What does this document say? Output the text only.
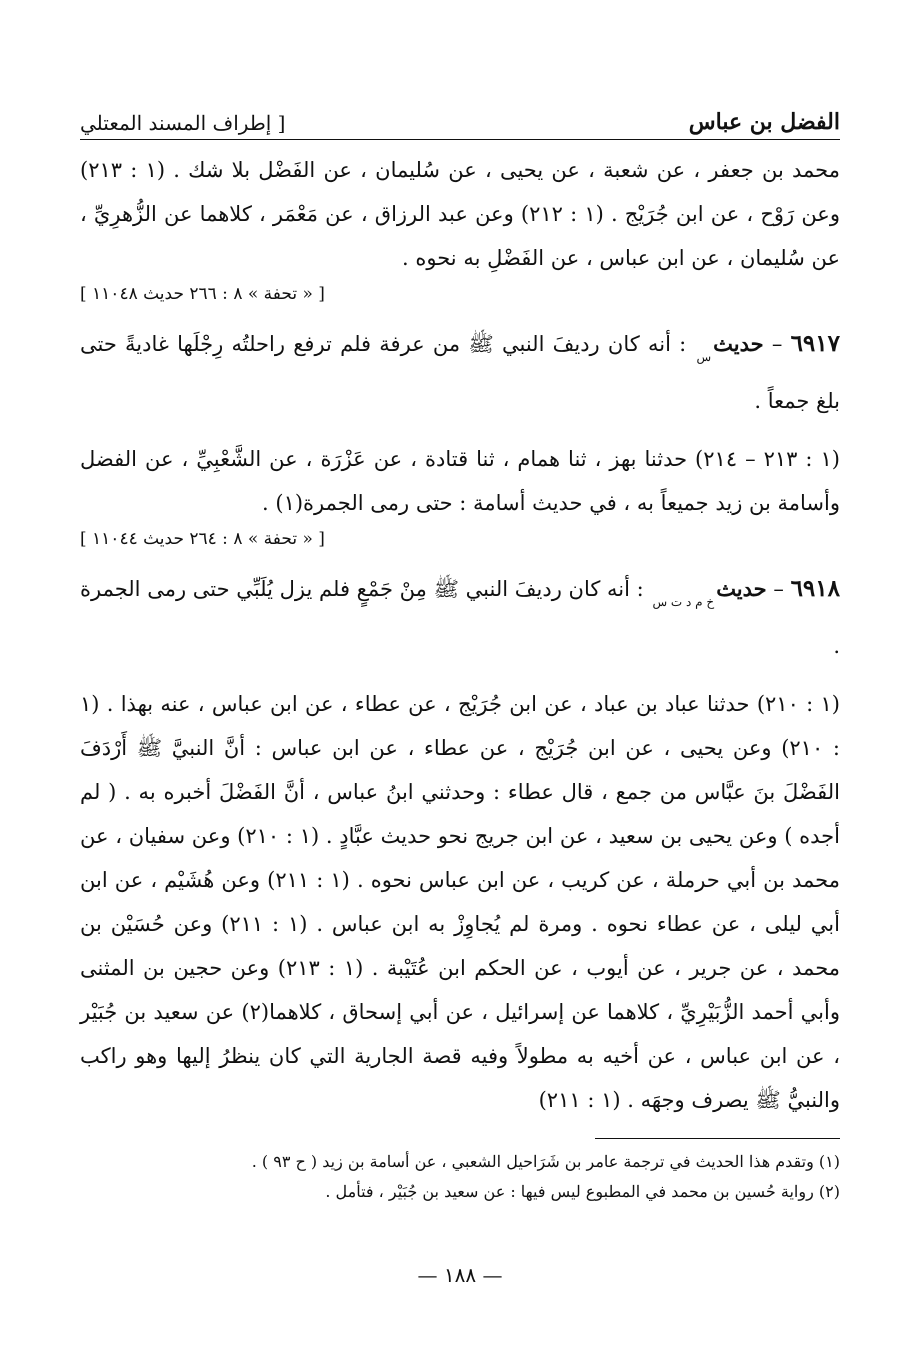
الفضل بن عباس
[ إطراف المسند المعتلي

محمد بن جعفر ، عن شعبة ، عن يحيى ، عن سُليمان ، عن الفَضْل بلا شك . (١ : ٢١٣) وعن رَوْح ، عن ابن جُرَيْج . (١ : ٢١٢) وعن عبد الرزاق ، عن مَعْمَر ، كلاهما عن الزُّهرِيِّ ، عن سُليمان ، عن ابن عباس ، عن الفَضْلِ به نحوه .

[ « تحفة » ٨ : ٢٦٦ حديث ١١٠٤٨ ]

٦٩١٧ – حديثس : أنه كان رديفَ النبي ﷺ من عرفة فلم ترفع راحلتُه رِجْلَها غاديةً حتى بلغ جمعاً .

(١ : ٢١٣ – ٢١٤) حدثنا بهز ، ثنا همام ، ثنا قتادة ، عن عَزْرَة ، عن الشَّعْبِيِّ ، عن الفضل وأسامة بن زيد جميعاً به ، في حديث أسامة : حتى رمى الجمرة(١) .

[ « تحفة » ٨ : ٢٦٤ حديث ١١٠٤٤ ]

٦٩١٨ – حديثخ م د ت س : أنه كان رديفَ النبي ﷺ مِنْ جَمْعٍ فلم يزل يُلَبِّي حتى رمى الجمرة .

(١ : ٢١٠) حدثنا عباد بن عباد ، عن ابن جُرَيْج ، عن عطاء ، عن ابن عباس ، عنه بهذا . (١ : ٢١٠) وعن يحيى ، عن ابن جُرَيْج ، عن عطاء ، عن ابن عباس : أنَّ النبيَّ ﷺ أَرْدَفَ الفَضْلَ بنَ عبَّاس من جمع ، قال عطاء : وحدثني ابنُ عباس ، أنَّ الفَضْلَ أخبره به . ( لم أجده ) وعن يحيى بن سعيد ، عن ابن جريج نحو حديث عبَّادٍ . (١ : ٢١٠) وعن سفيان ، عن محمد بن أبي حرملة ، عن كريب ، عن ابن عباس نحوه . (١ : ٢١١) وعن هُشَيْم ، عن ابن أبي ليلى ، عن عطاء نحوه . ومرة لم يُجاوِزْ به ابن عباس . (١ : ٢١١) وعن حُسَيْن بن محمد ، عن جرير ، عن أيوب ، عن الحكم ابن عُتَيْبة . (١ : ٢١٣) وعن حجين بن المثنى وأبي أحمد الزُّبَيْرِيِّ ، كلاهما عن إسرائيل ، عن أبي إسحاق ، كلاهما(٢) عن سعيد بن جُبَيْر ، عن ابن عباس ، عن أخيه به مطولاً وفيه قصة الجارية التي كان ينظرُ إليها وهو راكب والنبيُّ ﷺ يصرف وجهَه . (١ : ٢١١)

(١) وتقدم هذا الحديث في ترجمة عامر بن شَرَاحيل الشعبي ، عن أسامة بن زيد ( ح ٩٣ ) .

(٢) رواية حُسين بن محمد في المطبوع ليس فيها : عن سعيد بن جُبَيْر ، فتأمل .

— ١٨٨ —
